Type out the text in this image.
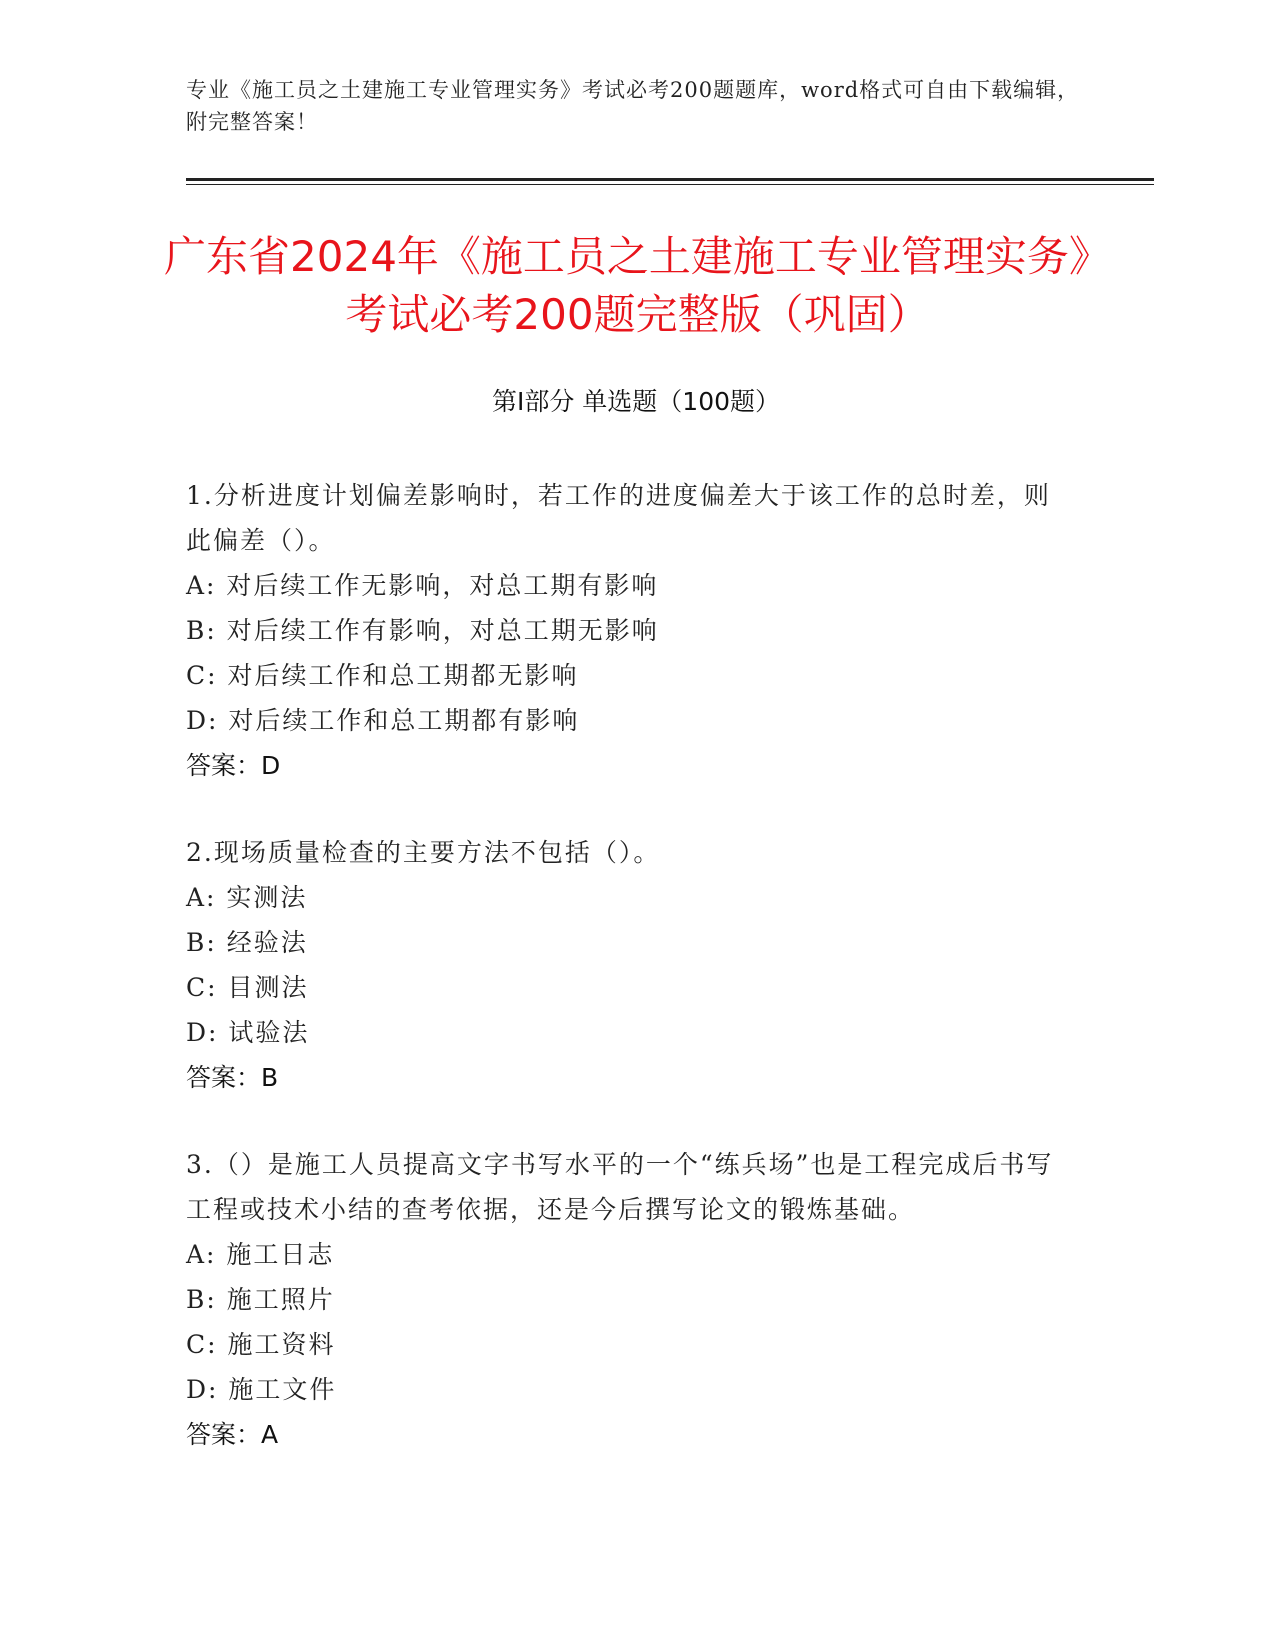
专业《施工员之土建施工专业管理实务》考试必考200题题库，word格式可自由下载编辑，附完整答案！
广东省2024年《施工员之土建施工专业管理实务》考试必考200题完整版（巩固）
第I部分 单选题（100题）
1.分析进度计划偏差影响时，若工作的进度偏差大于该工作的总时差，则此偏差（）。
A: 对后续工作无影响，对总工期有影响
B: 对后续工作有影响，对总工期无影响
C: 对后续工作和总工期都无影响
D: 对后续工作和总工期都有影响
答案：D
2.现场质量检查的主要方法不包括（）。
A: 实测法
B: 经验法
C: 目测法
D: 试验法
答案：B
3.（）是施工人员提高文字书写水平的一个“练兵场”也是工程完成后书写工程或技术小结的查考依据，还是今后撰写论文的锻炼基础。
A: 施工日志
B: 施工照片
C: 施工资料
D: 施工文件
答案：A
